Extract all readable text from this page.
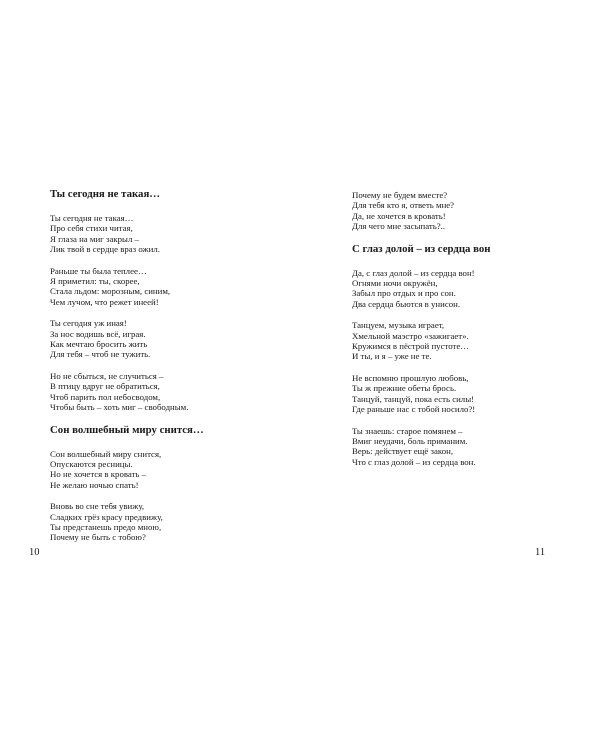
Ты сегодня не такая…
Ты сегодня не такая…
Про себя стихи читая,
Я глаза на миг закрыл –
Лик твой в сердце враз ожил.
Раньше ты была теплее…
Я приметил: ты, скорее,
Стала льдом: морозным, синим,
Чем лучом, что режет инеей!
Ты сегодня уж иная!
За нос водишь всё, играя.
Как мечтаю бросить жить
Для тебя – чтоб не тужить.
Но не сбыться, не случиться –
В птицу вдруг не обратиться,
Чтоб парить пол небосводом,
Чтобы быть – хоть миг – свободным.
Сон волшебный миру снится…
Сон волшебный миру снится,
Опускаются ресницы.
Но не хочется в кровать –
Не желаю ночью спать!
Вновь во сне тебя увижу,
Сладких грёз красу предвижу,
Ты предстанешь предо мною,
Почему не быть с тобою?
10
Почему не будем вместе?
Для тебя кто я, ответь мне?
Да, не хочется в кровать!
Для чего мне засыпать?..
С глаз долой – из сердца вон
Да, с глаз долой – из сердца вон!
Огнями ночи окружён,
Забыл про отдых и про сон.
Два сердца бьются в унисон.
Танцуем, музыка играет,
Хмельной маэстро «зажигает».
Кружимся в пёстрой пустоте…
И ты, и я – уже не те.
Не вспомню прошлую любовь,
Ты ж прежние обеты брось.
Танцуй, танцуй, пока есть силы!
Где раньше нас с тобой носило?!
Ты знаешь: старое помянем –
Вмиг неудачи, боль приманим.
Верь: действует ещё закон,
Что с глаз долой – из сердца вон.
11
